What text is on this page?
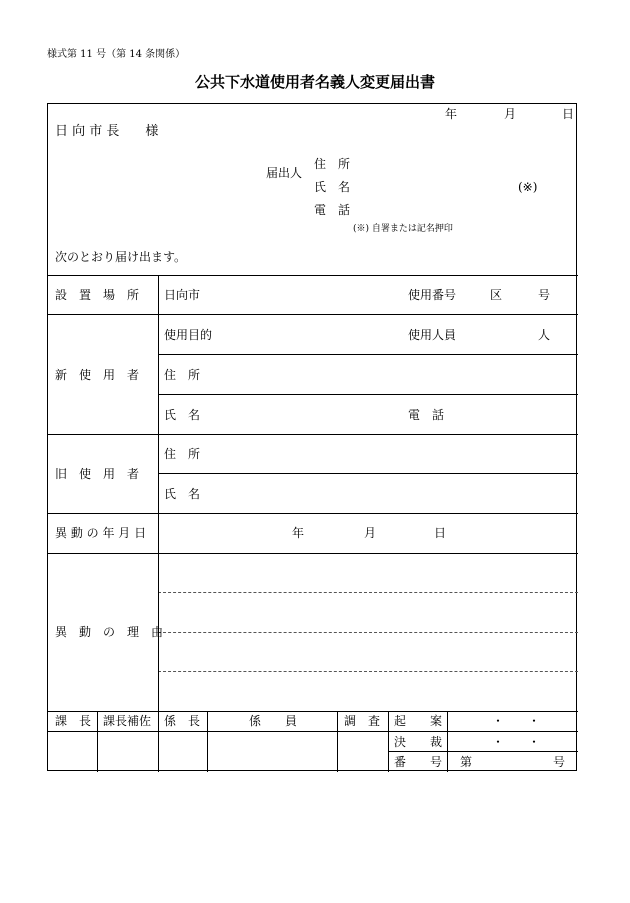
様式第 11 号（第 14 条関係）
公共下水道使用者名義人変更届出書
年	月	日
日 向 市 長　　様
届出人
住　所
氏　名	(※)
電　話
(※) 自署または記名押印
次のとおり届け出ます。
設　置　場　所 日向市	使用番号	区	号
新　使　用　者
使用目的	使用人員	人
住　所
氏　名	電　話
旧　使　用　者
住　所
氏　名
異 動 の 年 月 日	年	月	日
異　動　の　理　由
課　長 課長補佐 係　長	係　　員	調　査 起　　案	・　　・
決　　裁	・　　・
番　　号 第	号
